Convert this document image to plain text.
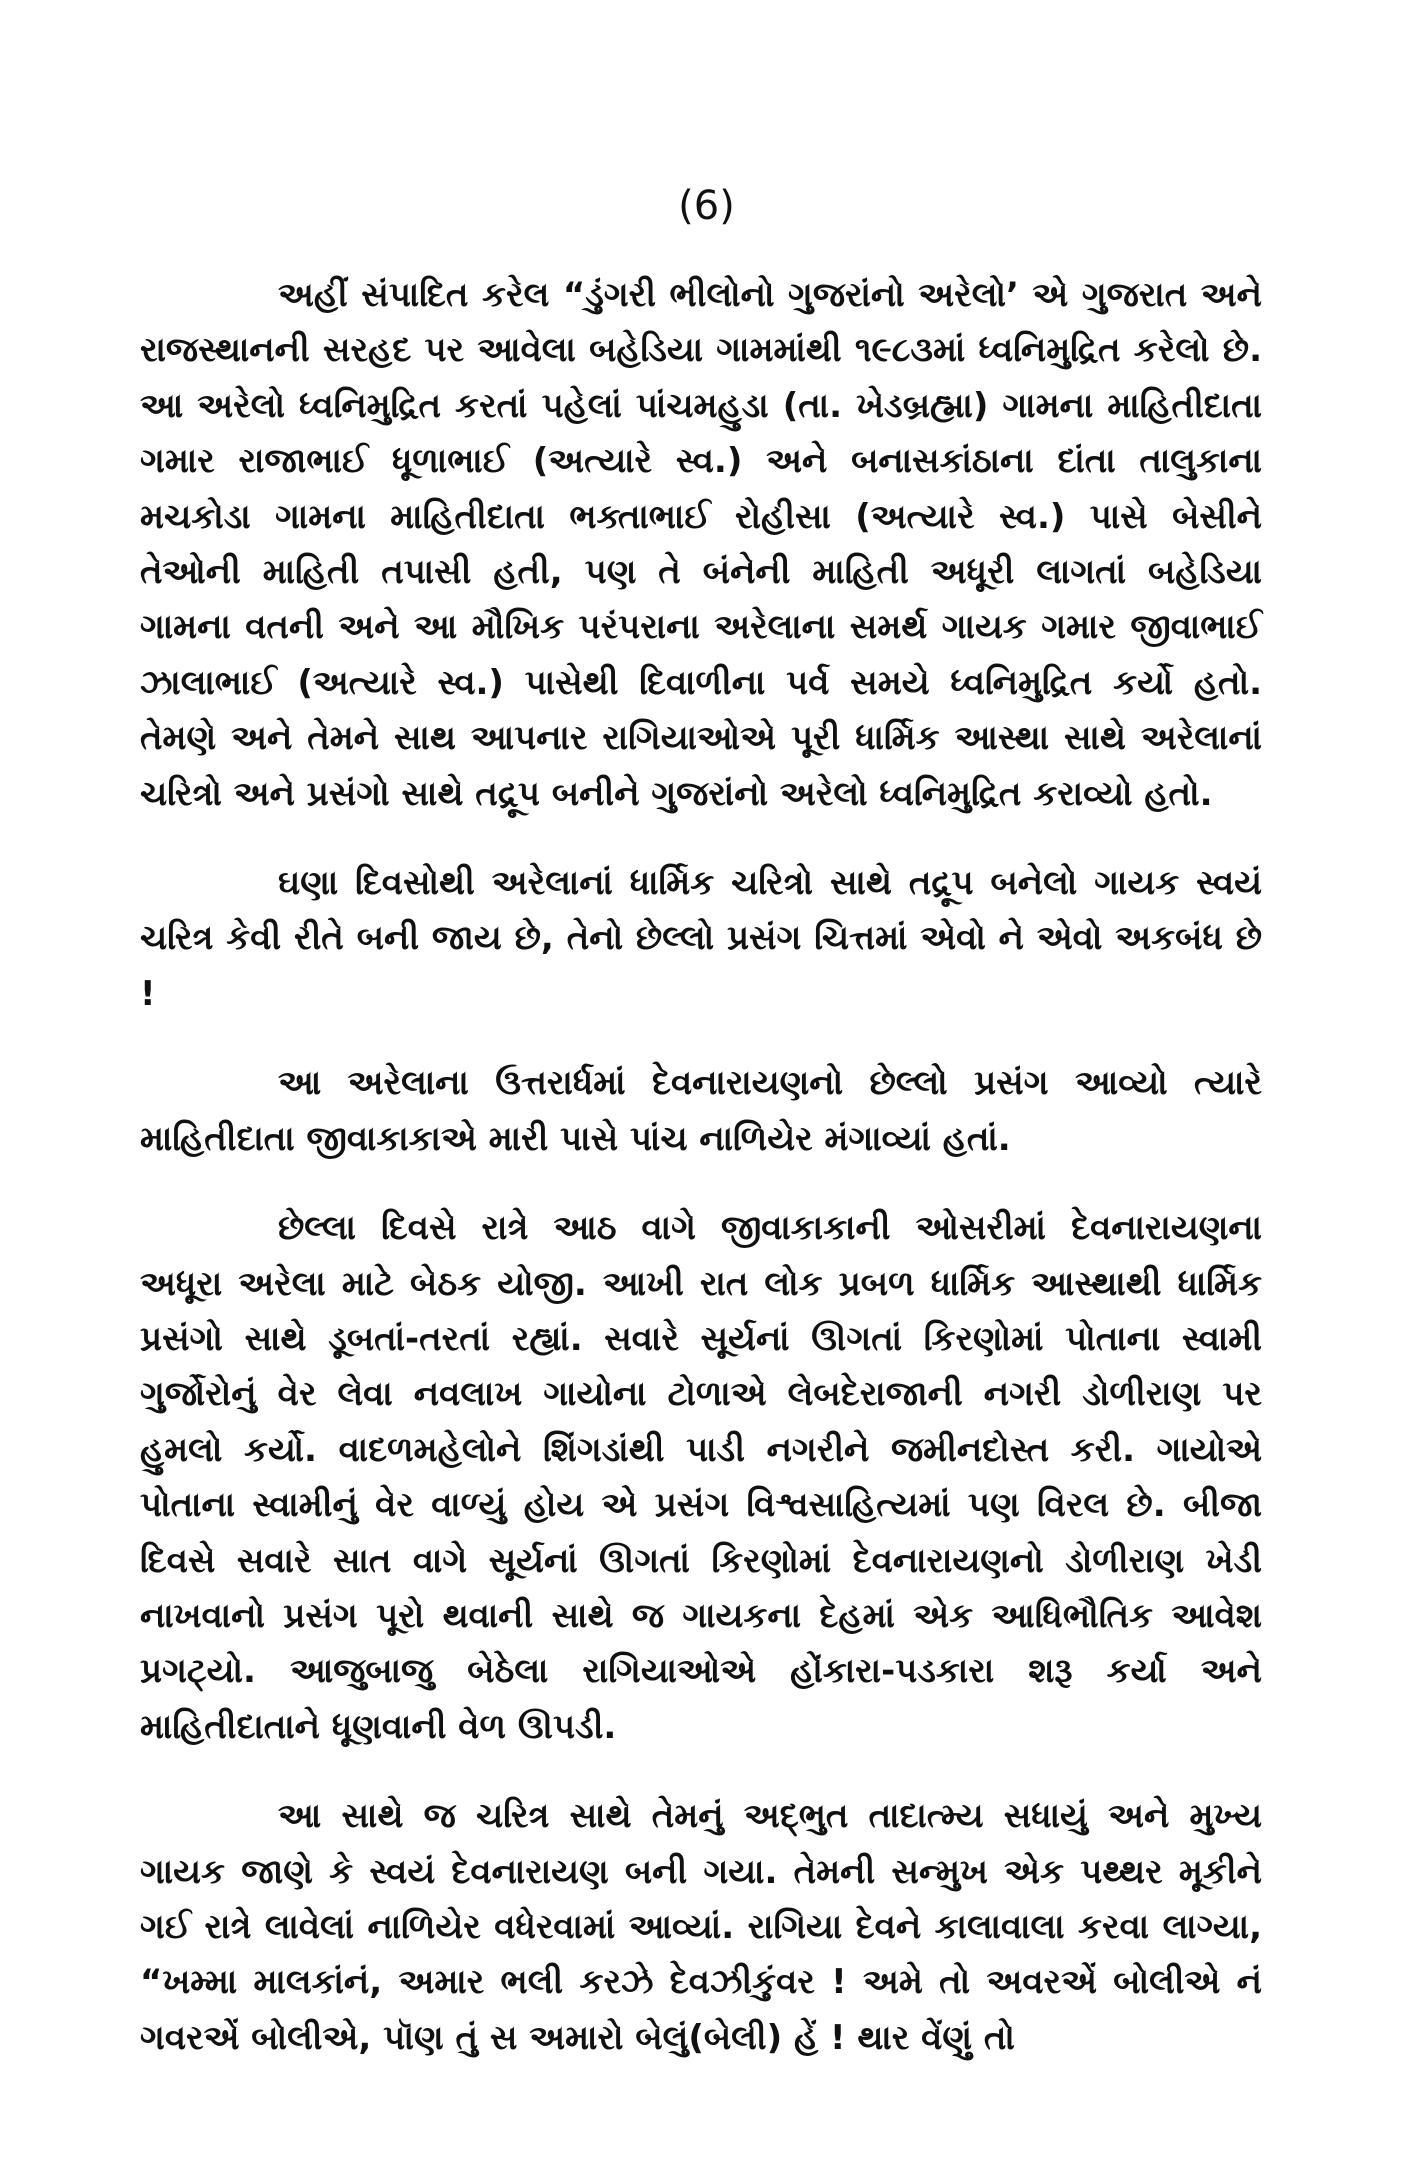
(6)

અહીં સંપાદિત કરેલ “ડુંગરી ભીલોનો ગુજરાંનો અરેલો’ એ ગુજરાત અને રાજસ્થાનની સરહદ પર આવેલા બહેડિયા ગામમાંથી ૧૯૮૩માં ધ્વનિમુદ્રિત કરેલો છે. આ અરેલો ધ્વનિમુદ્રિત કરતાં પહેલાં પાંચમહુડા (તા. ખેડબ્રહ્મા) ગામના માહિતીદાતા ગમાર રાજાભાઈ ધૂળાભાઈ (અત્યારે સ્વ.) અને બનાસકાંઠાના દાંતા તાલુકાના મચકોડા ગામના માહિતીદાતા ભક્તાભાઈ રોહીસા (અત્યારે સ્વ.) પાસે બેસીને તેઓની માહિતી તપાસી હતી, પણ તે બંનેની માહિતી અધૂરી લાગતાં બહેડિયા ગામના વતની અને આ મૌખિક પરંપરાના અરેલાના સમર્થ ગાયક ગમાર જીવાભાઈ ઝાલાભાઈ (અત્યારે સ્વ.) પાસેથી દિવાળીના પર્વ સમયે ધ્વનિમુદ્રિત કર્યો હતો. તેમણે અને તેમને સાથ આપનાર રાગિયાઓએ પૂરી ધાર્મિક આસ્થા સાથે અરેલાનાં ચરિત્રો અને પ્રસંગો સાથે તદ્રૂપ બનીને ગુજરાંનો અરેલો ધ્વનિમુદ્રિત કરાવ્યો હતો.

ઘણા દિવસોથી અરેલાનાં ધાર્મિક ચરિત્રો સાથે તદ્રૂપ બનેલો ગાયક સ્વયં ચરિત્ર કેવી રીતે બની જાય છે, તેનો છેલ્લો પ્રસંગ ચિત્તમાં એવો ને એવો અકબંધ છે !

આ અરેલાના ઉત્તરાર્ધમાં દેવનારાયણનો છેલ્લો પ્રસંગ આવ્યો ત્યારે માહિતીદાતા જીવાકાકાએ મારી પાસે પાંચ નાળિયેર મંગાવ્યાં હતાં.

છેલ્લા દિવસે રાત્રે આઠ વાગે જીવાકાકાની ઓસરીમાં દેવનારાયણના અધૂરા અરેલા માટે બેઠક યોજી. આખી રાત લોક પ્રબળ ધાર્મિક આસ્થાથી ધાર્મિક પ્રસંગો સાથે ડૂબતાં-તરતાં રહ્યાં. સવારે સૂર્યનાં ઊગતાં કિરણોમાં પોતાના સ્વામી ગુર્જોરોનું વેર લેવા નવલાખ ગાયોના ટોળાએ લેબદેરાજાની નગરી ડોળીરાણ પર હુમલો કર્યો. વાદળમહેલોને શિંગડાંથી પાડી નગરીને જમીનદોસ્ત કરી. ગાયોએ પોતાના સ્વામીનું વેર વાળ્યું હોય એ પ્રસંગ વિશ્વસાહિત્યમાં પણ વિરલ છે. બીજા દિવસે સવારે સાત વાગે સૂર્યનાં ઊગતાં કિરણોમાં દેવનારાયણનો ડોળીરાણ ખેડી નાખવાનો પ્રસંગ પૂરો થવાની સાથે જ ગાયકના દેહમાં એક આધિભૌતિક આવેશ પ્રગટ્યો. આજુબાજુ બેઠેલા રાગિયાઓએ હોંકારા-પડકારા શરૂ કર્યા અને માહિતીદાતાને ધૂણવાની વેળ ઊપડી.

આ સાથે જ ચરિત્ર સાથે તેમનું અદ્ભુત તાદાત્મ્ય સધાયું અને મુખ્ય ગાયક જાણે કે સ્વયં દેવનારાયણ બની ગયા. તેમની સન્મુખ એક પથ્થર મૂકીને ગઈ રાત્રે લાવેલાં નાળિયેર વધેરવામાં આવ્યાં. રાગિયા દેવને કાલાવાલા કરવા લાગ્યા, “ખમ્મા માલકાંનં, અમાર ભલી કરઝે દેવઝીકુંવર ! અમે તો અવરએં બોલીએ નં ગવરએં બોલીએ, પૉણ તું સ અમારો બેલું(બેલી) હેં ! થાર વેંણું તો
